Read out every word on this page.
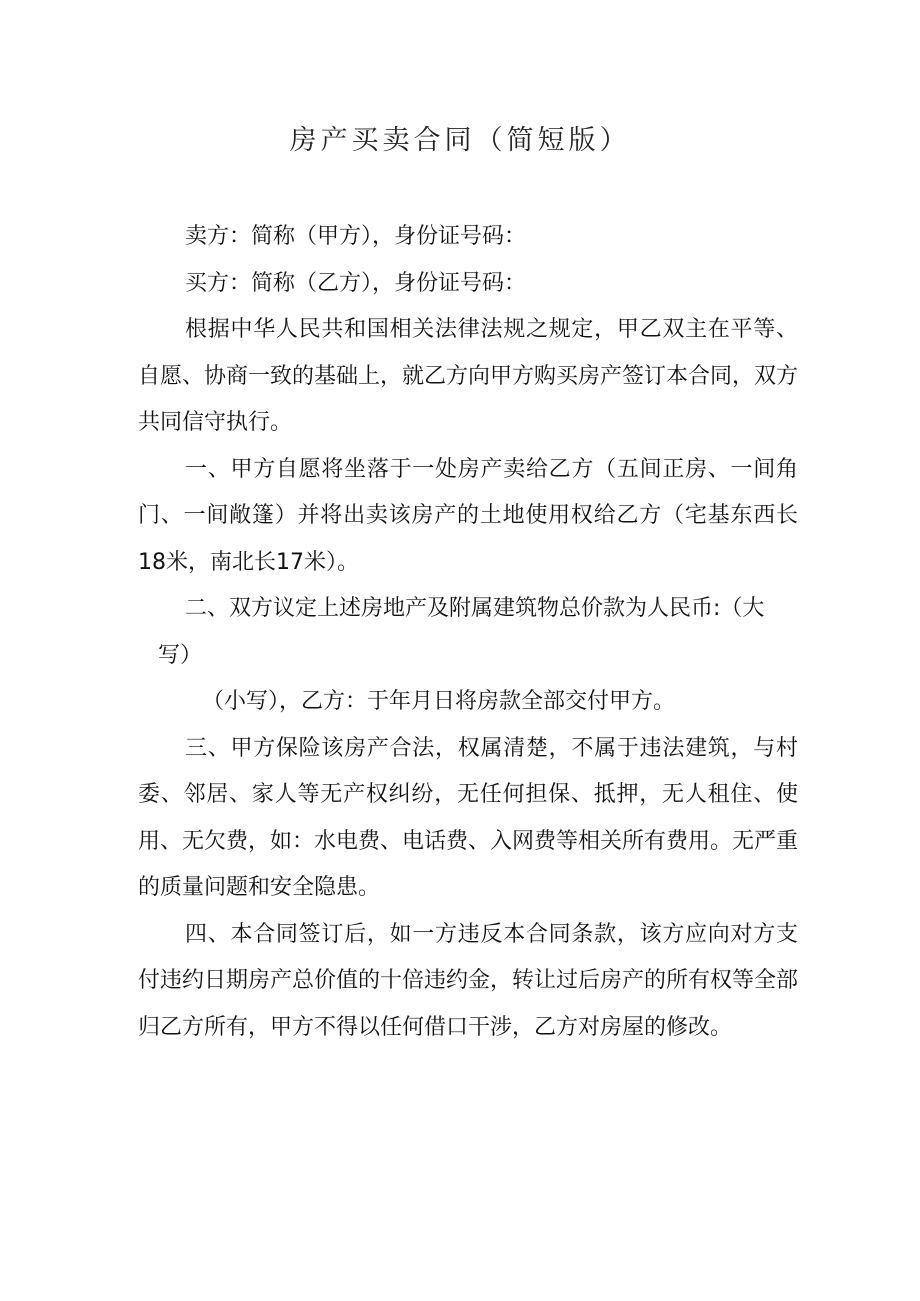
房产买卖合同（简短版）

卖方：简称（甲方），身份证号码：

买方：简称（乙方），身份证号码：

根据中华人民共和国相关法律法规之规定，甲乙双主在平等、自愿、协商一致的基础上，就乙方向甲方购买房产签订本合同，双方共同信守执行。

一、甲方自愿将坐落于一处房产卖给乙方（五间正房、一间角门、一间敞篷）并将出卖该房产的土地使用权给乙方（宅基东西长18米，南北长17米）。

二、双方议定上述房地产及附属建筑物总价款为人民币:（大

写）

（小写），乙方：于年月日将房款全部交付甲方。

三、甲方保险该房产合法，权属清楚，不属于违法建筑，与村委、邻居、家人等无产权纠纷，无任何担保、抵押，无人租住、使用、无欠费，如：水电费、电话费、入网费等相关所有费用。无严重的质量问题和安全隐患。

四、本合同签订后，如一方违反本合同条款，该方应向对方支付违约日期房产总价值的十倍违约金，转让过后房产的所有权等全部归乙方所有，甲方不得以任何借口干涉，乙方对房屋的修改。
